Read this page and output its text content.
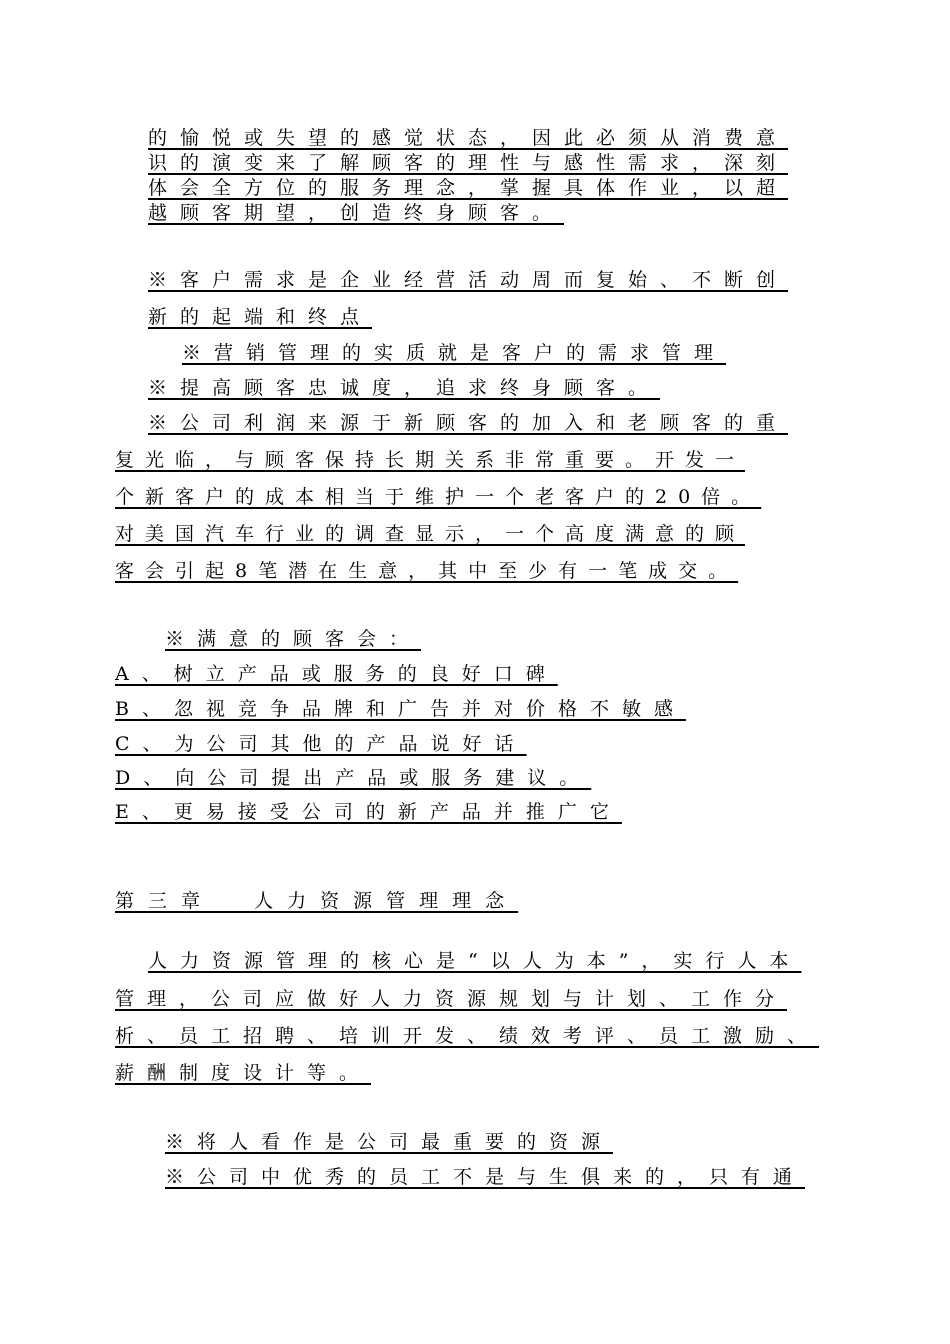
的愉悦或失望的感觉状态，因此必须从消费意

识的演变来了解顾客的理性与感性需求，深刻

体会全方位的服务理念，掌握具体作业，以超

越顾客期望，创造终身顾客。

※客户需求是企业经营活动周而复始、不断创

新的起端和终点

※营销管理的实质就是客户的需求管理

※提高顾客忠诚度，追求终身顾客。

※公司利润来源于新顾客的加入和老顾客的重

复光临，与顾客保持长期关系非常重要。开发一

个新客户的成本相当于维护一个老客户的20倍。

对美国汽车行业的调查显示，一个高度满意的顾

客会引起8笔潜在生意，其中至少有一笔成交。

※满意的顾客会：

A、树立产品或服务的良好口碑

B、忽视竞争品牌和广告并对价格不敏感

C、为公司其他的产品说好话

D、向公司提出产品或服务建议。

E、更易接受公司的新产品并推广它

第三章  人力资源管理理念

人力资源管理的核心是“以人为本”，实行人本

管理，公司应做好人力资源规划与计划、工作分

析、员工招聘、培训开发、绩效考评、员工激励、

薪酬制度设计等。

※将人看作是公司最重要的资源

※公司中优秀的员工不是与生俱来的，只有通
